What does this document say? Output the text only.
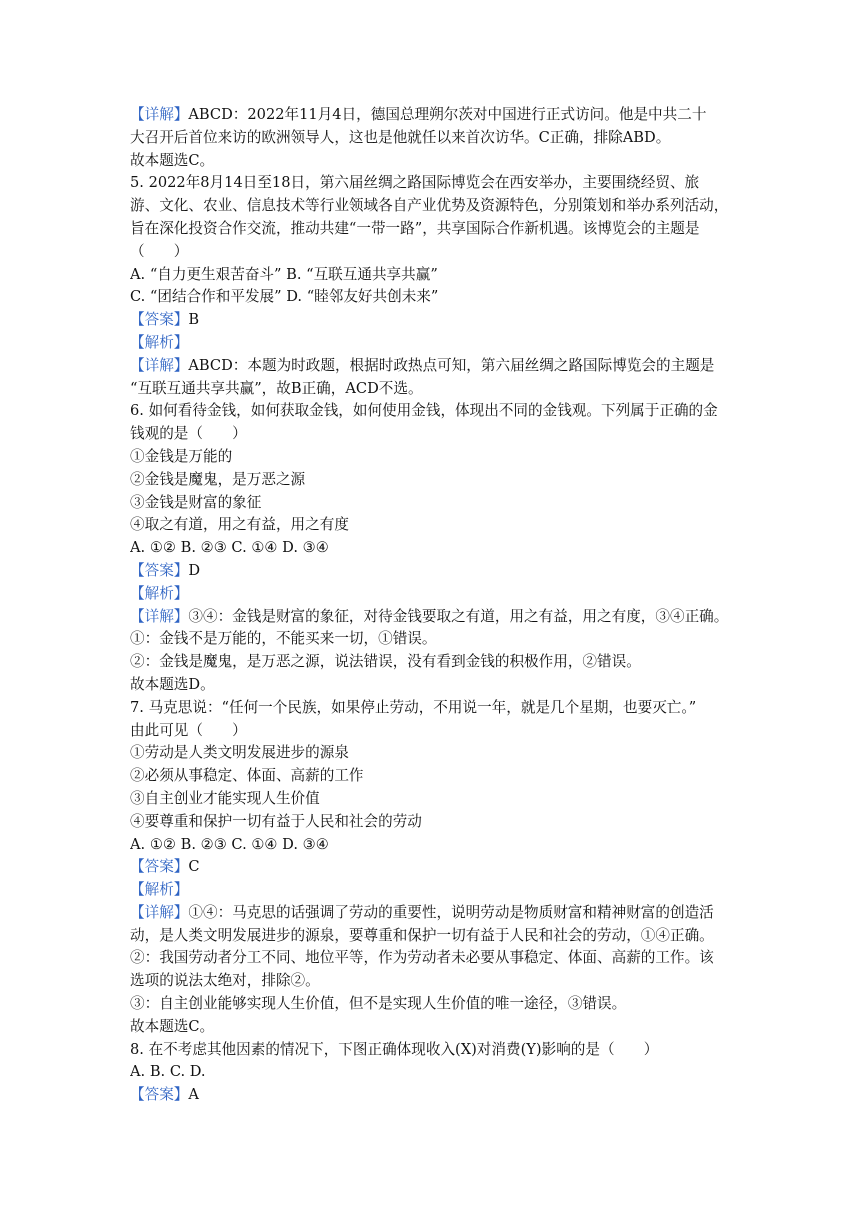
【详解】ABCD：2022年11月4日，德国总理朔尔茨对中国进行正式访问。他是中共二十
大召开后首位来访的欧洲领导人，这也是他就任以来首次访华。C正确，排除ABD。
故本题选C。
5. 2022年8月14日至18日，第六届丝绸之路国际博览会在西安举办，主要围绕经贸、旅
游、文化、农业、信息技术等行业领域各自产业优势及资源特色，分别策划和举办系列活动，
旨在深化投资合作交流，推动共建“一带一路”，共享国际合作新机遇。该博览会的主题是
（　　）
A. “自力更生艰苦奋斗” B. “互联互通共享共赢”
C. “团结合作和平发展” D. “睦邻友好共创未来”
【答案】B
【解析】
【详解】ABCD：本题为时政题，根据时政热点可知，第六届丝绸之路国际博览会的主题是
“互联互通共享共赢”，故B正确，ACD不选。
6. 如何看待金钱，如何获取金钱，如何使用金钱，体现出不同的金钱观。下列属于正确的金
钱观的是（　　）
①金钱是万能的
②金钱是魔鬼，是万恶之源
③金钱是财富的象征
④取之有道，用之有益，用之有度
A. ①② B. ②③ C. ①④ D. ③④
【答案】D
【解析】
【详解】③④：金钱是财富的象征，对待金钱要取之有道，用之有益，用之有度，③④正确。
①：金钱不是万能的，不能买来一切，①错误。
②：金钱是魔鬼，是万恶之源，说法错误，没有看到金钱的积极作用，②错误。
故本题选D。
7. 马克思说：“任何一个民族，如果停止劳动，不用说一年，就是几个星期，也要灭亡。”
由此可见（　　）
①劳动是人类文明发展进步的源泉
②必须从事稳定、体面、高薪的工作
③自主创业才能实现人生价值
④要尊重和保护一切有益于人民和社会的劳动
A. ①② B. ②③ C. ①④ D. ③④
【答案】C
【解析】
【详解】①④：马克思的话强调了劳动的重要性，说明劳动是物质财富和精神财富的创造活
动，是人类文明发展进步的源泉，要尊重和保护一切有益于人民和社会的劳动，①④正确。
②：我国劳动者分工不同、地位平等，作为劳动者未必要从事稳定、体面、高薪的工作。该
选项的说法太绝对，排除②。
③：自主创业能够实现人生价值，但不是实现人生价值的唯一途径，③错误。
故本题选C。
8. 在不考虑其他因素的情况下，下图正确体现收入(X)对消费(Y)影响的是（　　）
A. B. C. D.
【答案】A
